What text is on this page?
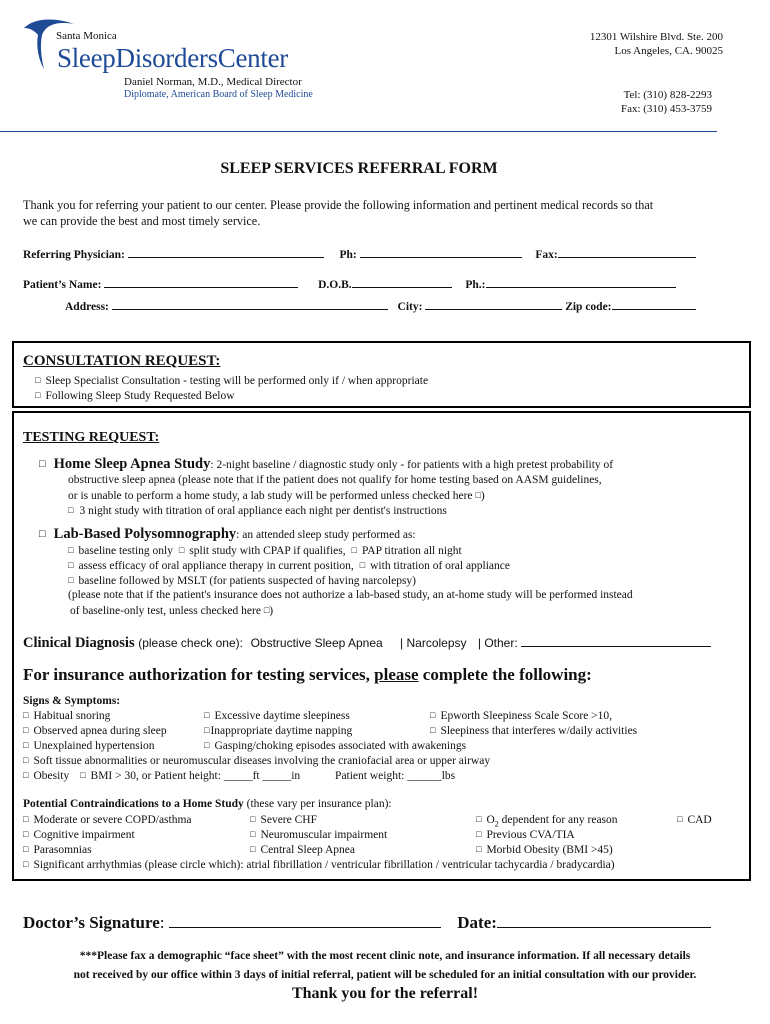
Santa Monica
SleepDisordersCenter
Daniel Norman, M.D., Medical Director
Diplomate, American Board of Sleep Medicine
12301 Wilshire Blvd. Ste. 200
Los Angeles, CA. 90025
Tel: (310) 828-2293
Fax: (310) 453-3759
SLEEP SERVICES REFERRAL FORM
Thank you for referring your patient to our center. Please provide the following information and pertinent medical records so that
we can provide the best and most timely service.
Referring Physician:	Ph:	Fax:
Patient’s Name:	D.O.B.	Ph.:
Address:	City:	Zip code:
CONSULTATION REQUEST:
□ Sleep Specialist Consultation - testing will be performed only if / when appropriate
□ Following Sleep Study Requested Below
TESTING REQUEST:
□ Home Sleep Apnea Study: 2-night baseline / diagnostic study only - for patients with a high pretest probability of
obstructive sleep apnea (please note that if the patient does not qualify for home testing based on AASM guidelines,
or is unable to perform a home study, a lab study will be performed unless checked here □)
□ 3 night study with titration of oral appliance each night per dentist's instructions
□ Lab-Based Polysomnography: an attended sleep study performed as:
□ baseline testing only □ split study with CPAP if qualifies, □ PAP titration all night
□ assess efficacy of oral appliance therapy in current position, □ with titration of oral appliance
□ baseline followed by MSLT (for patients suspected of having narcolepsy)
(please note that if the patient's insurance does not authorize a lab-based study, an at-home study will be performed instead
of baseline-only test, unless checked here □)
Clinical Diagnosis (please check one): Obstructive Sleep Apnea | Narcolepsy | Other:
For insurance authorization for testing services, please complete the following:
Signs & Symptoms:
□ Habitual snoring	□ Excessive daytime sleepiness	□ Epworth Sleepiness Scale Score >10,
□ Observed apnea during sleep	□Inappropriate daytime napping	□ Sleepiness that interferes w/daily activities
□ Unexplained hypertension	□ Gasping/choking episodes associated with awakenings
□ Soft tissue abnormalities or neuromuscular diseases involving the craniofacial area or upper airway
□ Obesity □ BMI > 30, or Patient height: _____ft _____in	Patient weight: ______lbs
Potential Contraindications to a Home Study (these vary per insurance plan):
□ Moderate or severe COPD/asthma	□ Severe CHF	□ $O_2$ dependent for any reason	□ CAD
□ Cognitive impairment	□ Neuromuscular impairment	□ Previous CVA/TIA
□ Parasomnias	□ Central Sleep Apnea	□ Morbid Obesity (BMI >45)
□ Significant arrhythmias (please circle which): atrial fibrillation / ventricular fibrillation / ventricular tachycardia / bradycardia)
Doctor’s Signature:	Date:
***Please fax a demographic “face sheet” with the most recent clinic note, and insurance information. If all necessary details
not received by our office within 3 days of initial referral, patient will be scheduled for an initial consultation with our provider.
Thank you for the referral!
